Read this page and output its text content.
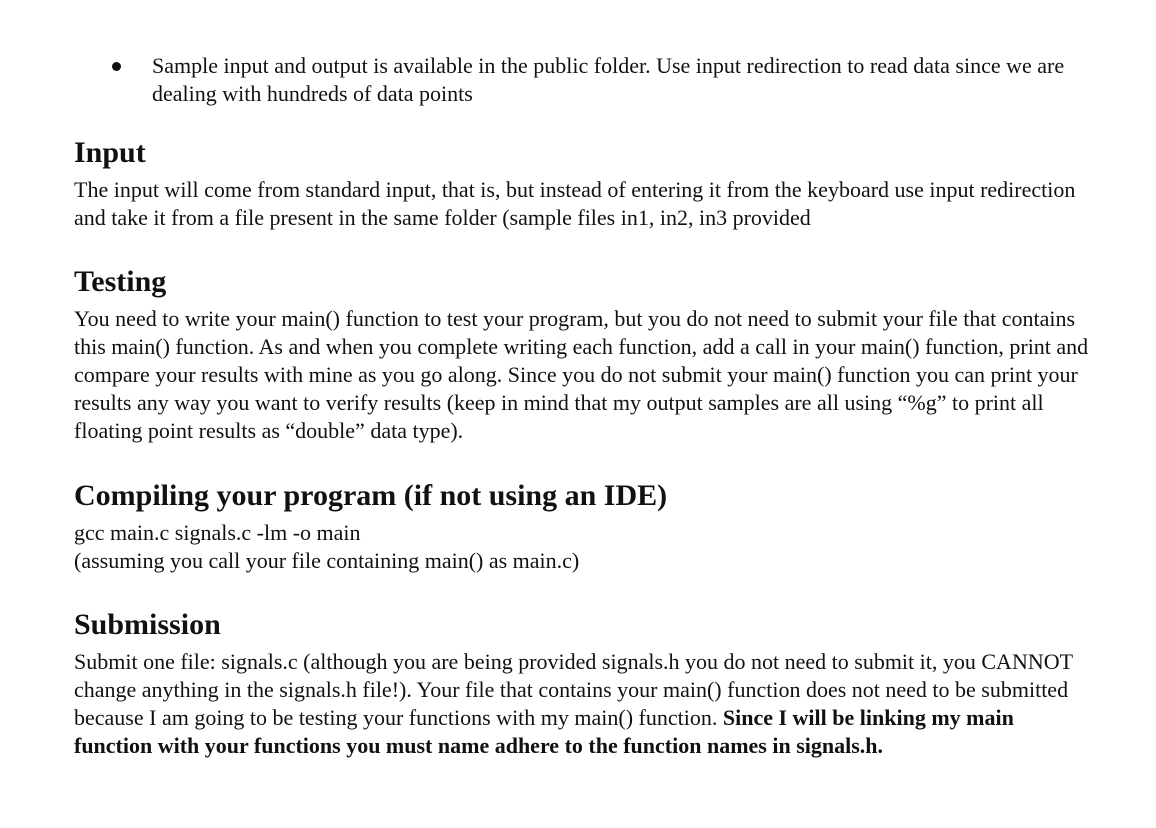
Sample input and output is available in the public folder. Use input redirection to read data since we are dealing with hundreds of data points
Input

The input will come from standard input, that is, but instead of entering it from the keyboard use input redirection and take it from a file present in the same folder (sample files in1, in2, in3 provided

Testing

You need to write your main() function to test your program, but you do not need to submit your file that contains this main() function. As and when you complete writing each function, add a call in your main() function, print and compare your results with mine as you go along. Since you do not submit your main() function you can print your results any way you want to verify results (keep in mind that my output samples are all using “%g” to print all floating point results as “double” data type).

Compiling your program (if not using an IDE)
gcc main.c signals.c -lm -o main
(assuming you call your file containing main() as main.c)
Submission

Submit one file: signals.c (although you are being provided signals.h you do not need to submit it, you CANNOT change anything in the signals.h file!). Your file that contains your main() function does not need to be submitted because I am going to be testing your functions with my main() function. Since I will be linking my main function with your functions you must name adhere to the function names in signals.h.
